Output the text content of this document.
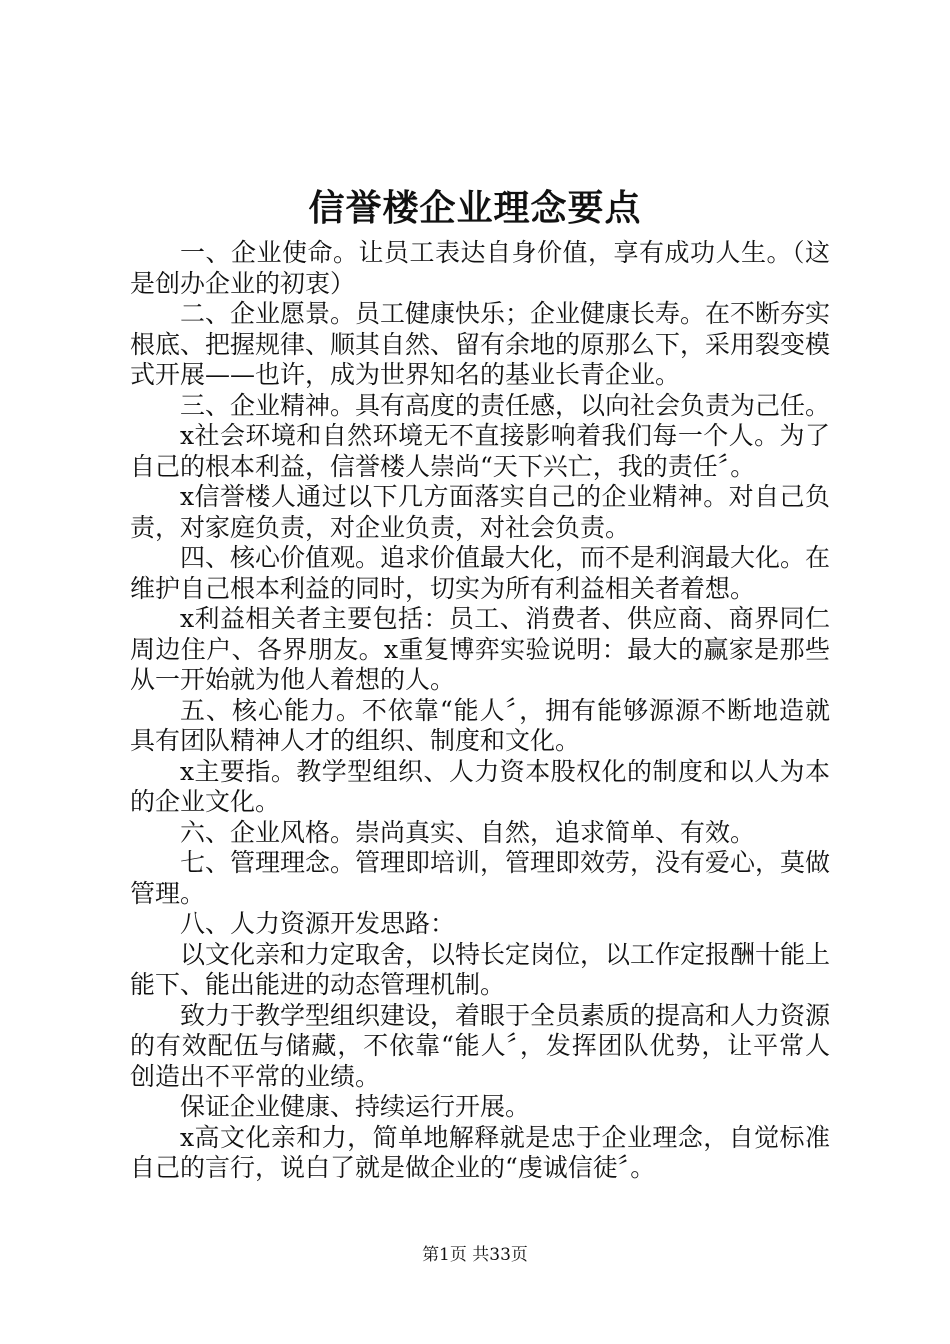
信誉楼企业理念要点

一、企业使命。让员工表达自身价值，享有成功人生。（这是创办企业的初衷）

二、企业愿景。员工健康快乐；企业健康长寿。在不断夯实根底、把握规律、顺其自然、留有余地的原那么下，采用裂变模式开展——也许，成为世界知名的基业长青企业。

三、企业精神。具有高度的责任感，以向社会负责为己任。

x社会环境和自然环境无不直接影响着我们每一个人。为了自己的根本利益，信誉楼人崇尚“天下兴亡，我的责任〞。

x信誉楼人通过以下几方面落实自己的企业精神。对自己负责，对家庭负责，对企业负责，对社会负责。

四、核心价值观。追求价值最大化，而不是利润最大化。在维护自己根本利益的同时，切实为所有利益相关者着想。

x利益相关者主要包括：员工、消费者、供应商、商界同仁周边住户、各界朋友。x重复博弈实验说明：最大的赢家是那些从一开始就为他人着想的人。

五、核心能力。不依靠“能人〞，拥有能够源源不断地造就具有团队精神人才的组织、制度和文化。

x主要指。教学型组织、人力资本股权化的制度和以人为本的企业文化。

六、企业风格。崇尚真实、自然，追求简单、有效。

七、管理理念。管理即培训，管理即效劳，没有爱心，莫做管理。

八、人力资源开发思路：

以文化亲和力定取舍，以特长定岗位，以工作定报酬十能上能下、能出能进的动态管理机制。

致力于教学型组织建设，着眼于全员素质的提高和人力资源的有效配伍与储藏，不依靠“能人〞，发挥团队优势，让平常人创造出不平常的业绩。

保证企业健康、持续运行开展。

x高文化亲和力，简单地解释就是忠于企业理念，自觉标准自己的言行，说白了就是做企业的“虔诚信徒〞。

第1页 共33页
